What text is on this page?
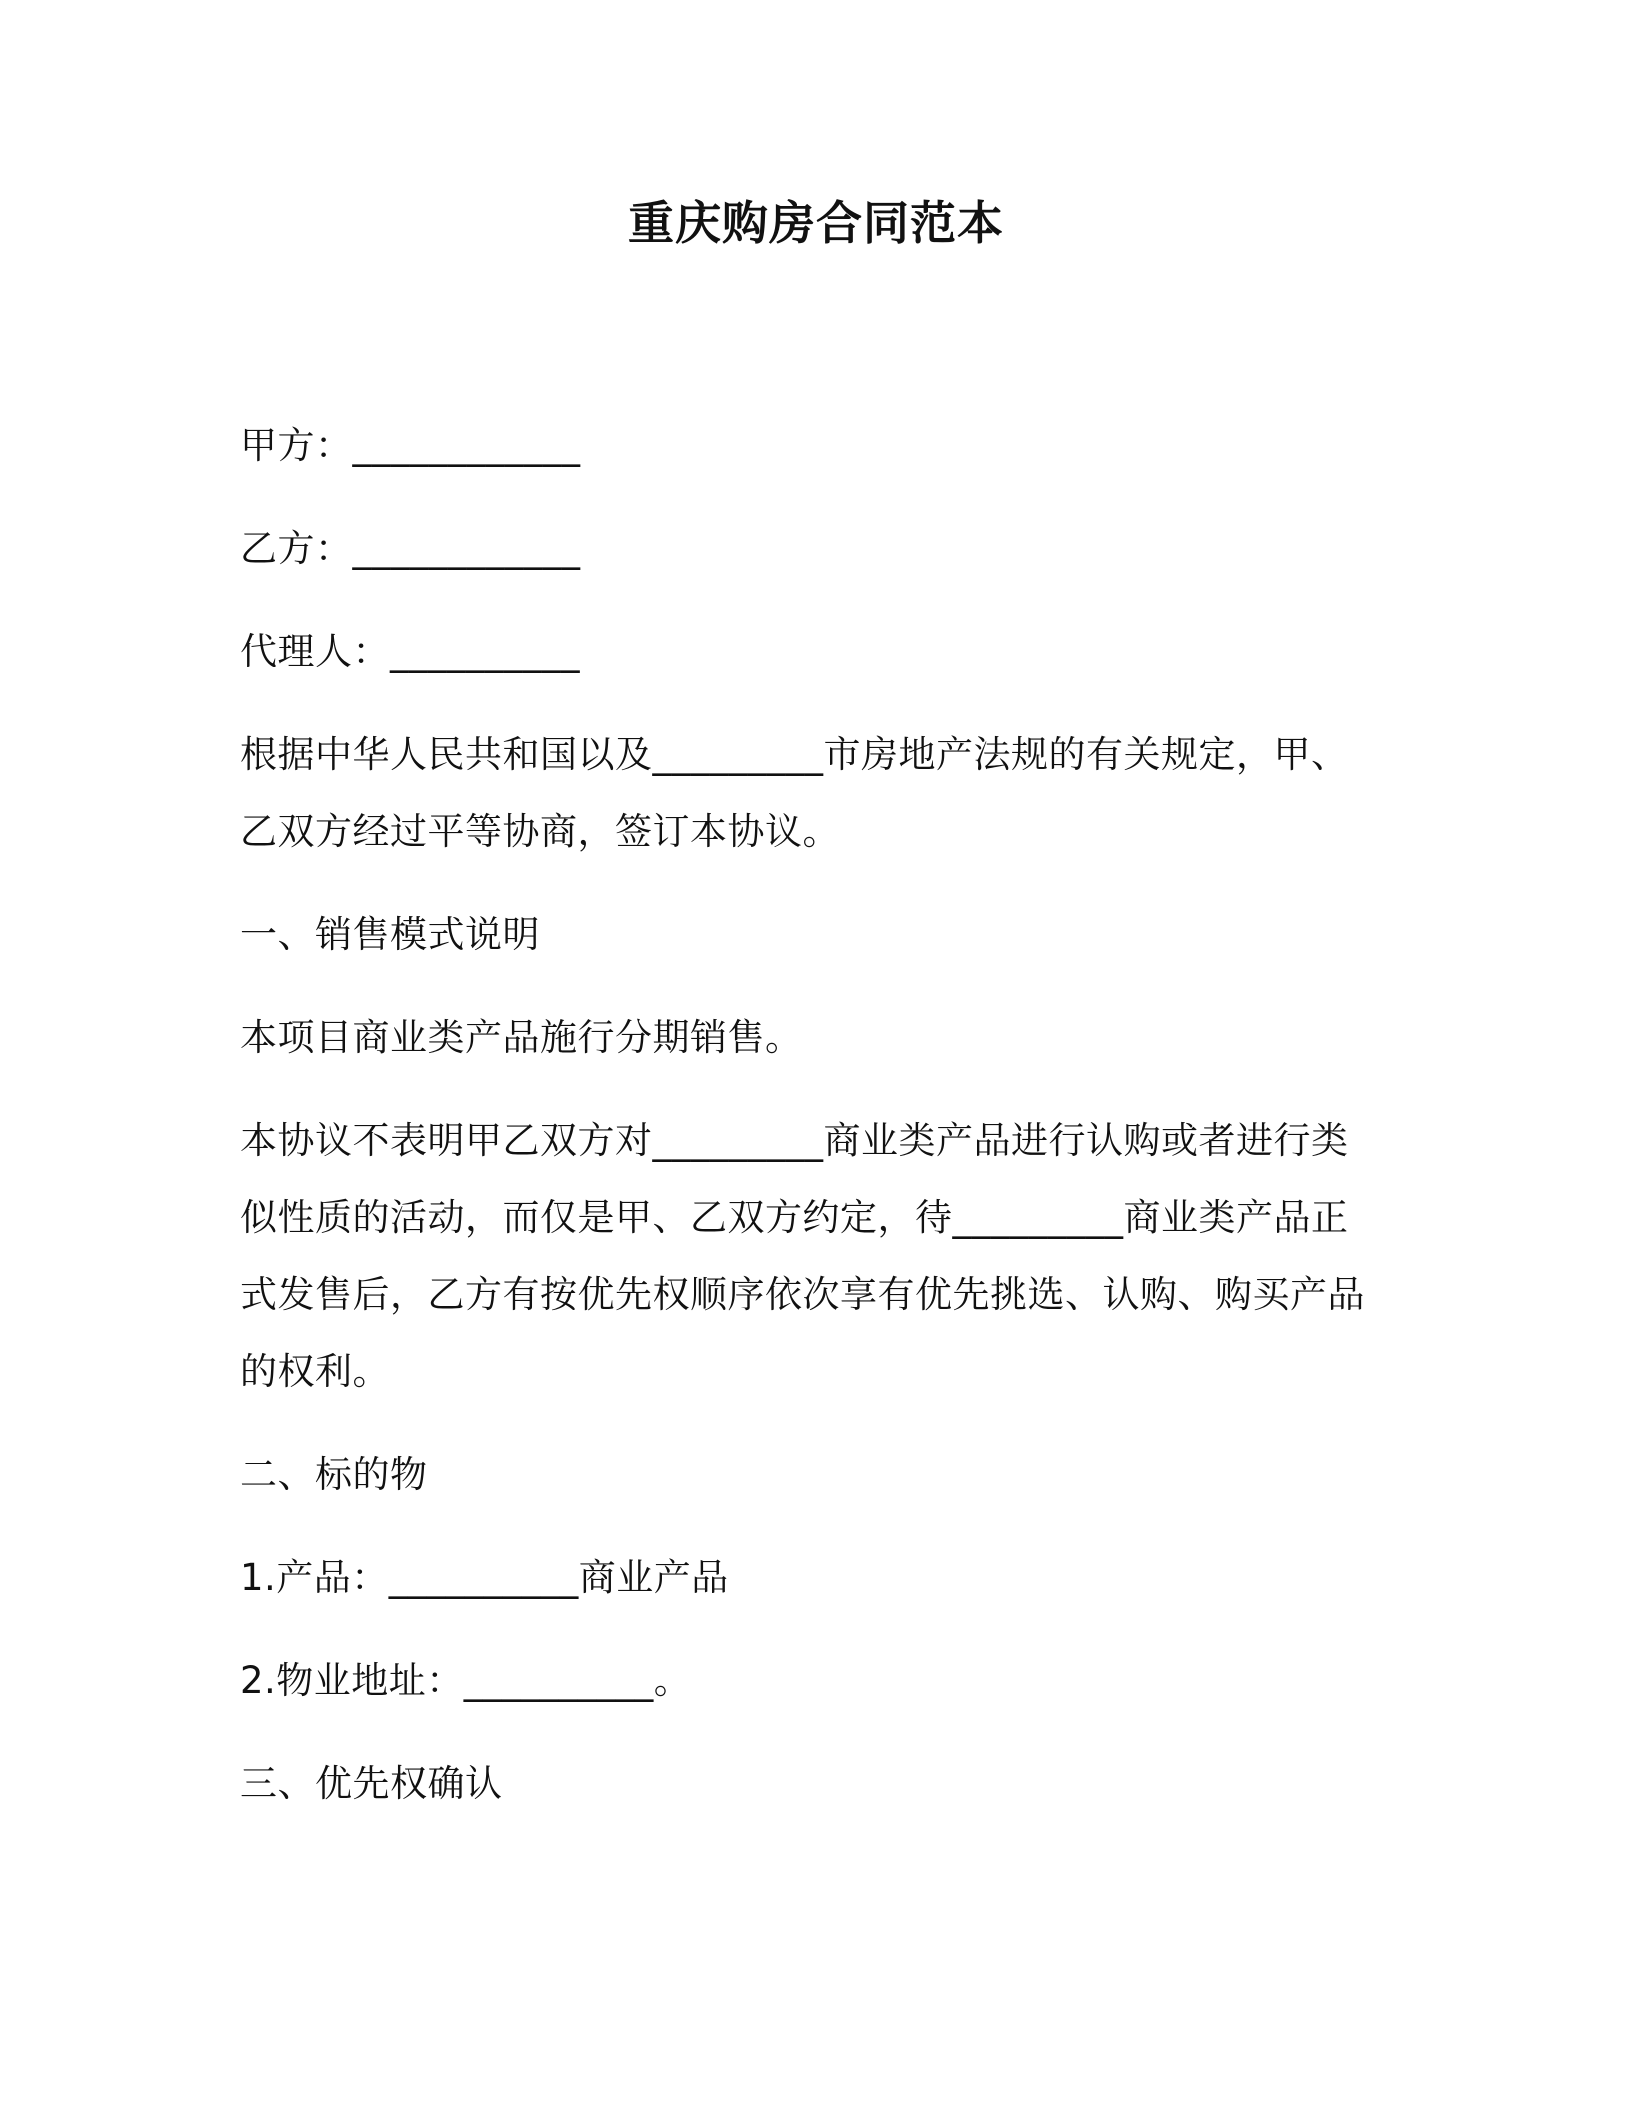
重庆购房合同范本
甲方：____________
乙方：____________
代理人：__________
根据中华人民共和国以及_________市房地产法规的有关规定，甲、
乙双方经过平等协商，签订本协议。
一、销售模式说明
本项目商业类产品施行分期销售。
本协议不表明甲乙双方对_________商业类产品进行认购或者进行类
似性质的活动，而仅是甲、乙双方约定，待_________商业类产品正
式发售后，乙方有按优先权顺序依次享有优先挑选、认购、购买产品
的权利。
二、标的物
1.产品：__________商业产品
2.物业地址：__________。
三、优先权确认
